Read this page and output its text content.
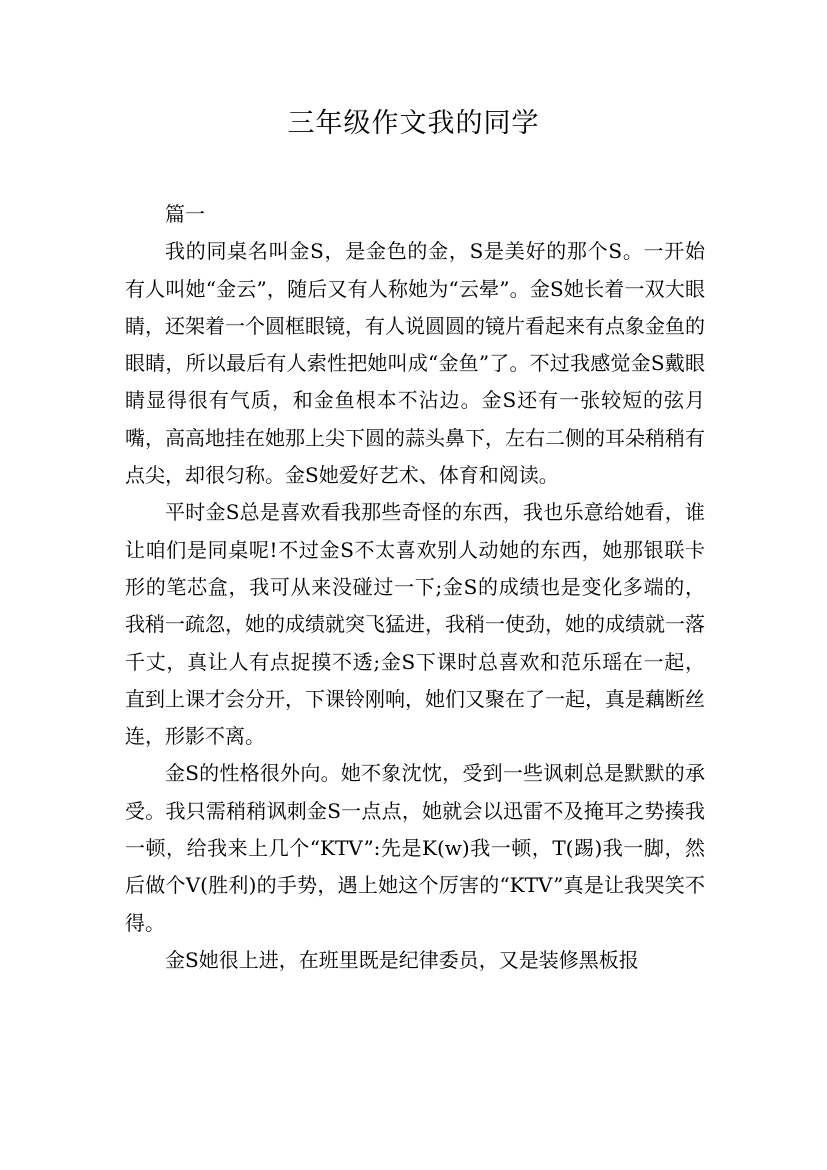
三年级作文我的同学

篇一

我的同桌名叫金S，是金色的金，S是美好的那个S。一开始有人叫她“金云”，随后又有人称她为“云晕”。金S她长着一双大眼睛，还架着一个圆框眼镜，有人说圆圆的镜片看起来有点象金鱼的眼睛，所以最后有人索性把她叫成“金鱼”了。不过我感觉金S戴眼睛显得很有气质，和金鱼根本不沾边。金S还有一张较短的弦月嘴，高高地挂在她那上尖下圆的蒜头鼻下，左右二侧的耳朵稍稍有点尖，却很匀称。金S她爱好艺术、体育和阅读。

平时金S总是喜欢看我那些奇怪的东西，我也乐意给她看，谁让咱们是同桌呢!不过金S不太喜欢别人动她的东西，她那银联卡形的笔芯盒，我可从来没碰过一下;金S的成绩也是变化多端的，我稍一疏忽，她的成绩就突飞猛进，我稍一使劲，她的成绩就一落千丈，真让人有点捉摸不透;金S下课时总喜欢和范乐瑶在一起，直到上课才会分开，下课铃刚响，她们又聚在了一起，真是藕断丝连，形影不离。

金S的性格很外向。她不象沈忱，受到一些讽刺总是默默的承受。我只需稍稍讽刺金S一点点，她就会以迅雷不及掩耳之势揍我一顿，给我来上几个“KTV”:先是K(w)我一顿，T(踢)我一脚，然后做个V(胜利)的手势，遇上她这个厉害的“KTV”真是让我哭笑不得。

金S她很上进，在班里既是纪律委员，又是装修黑板报
